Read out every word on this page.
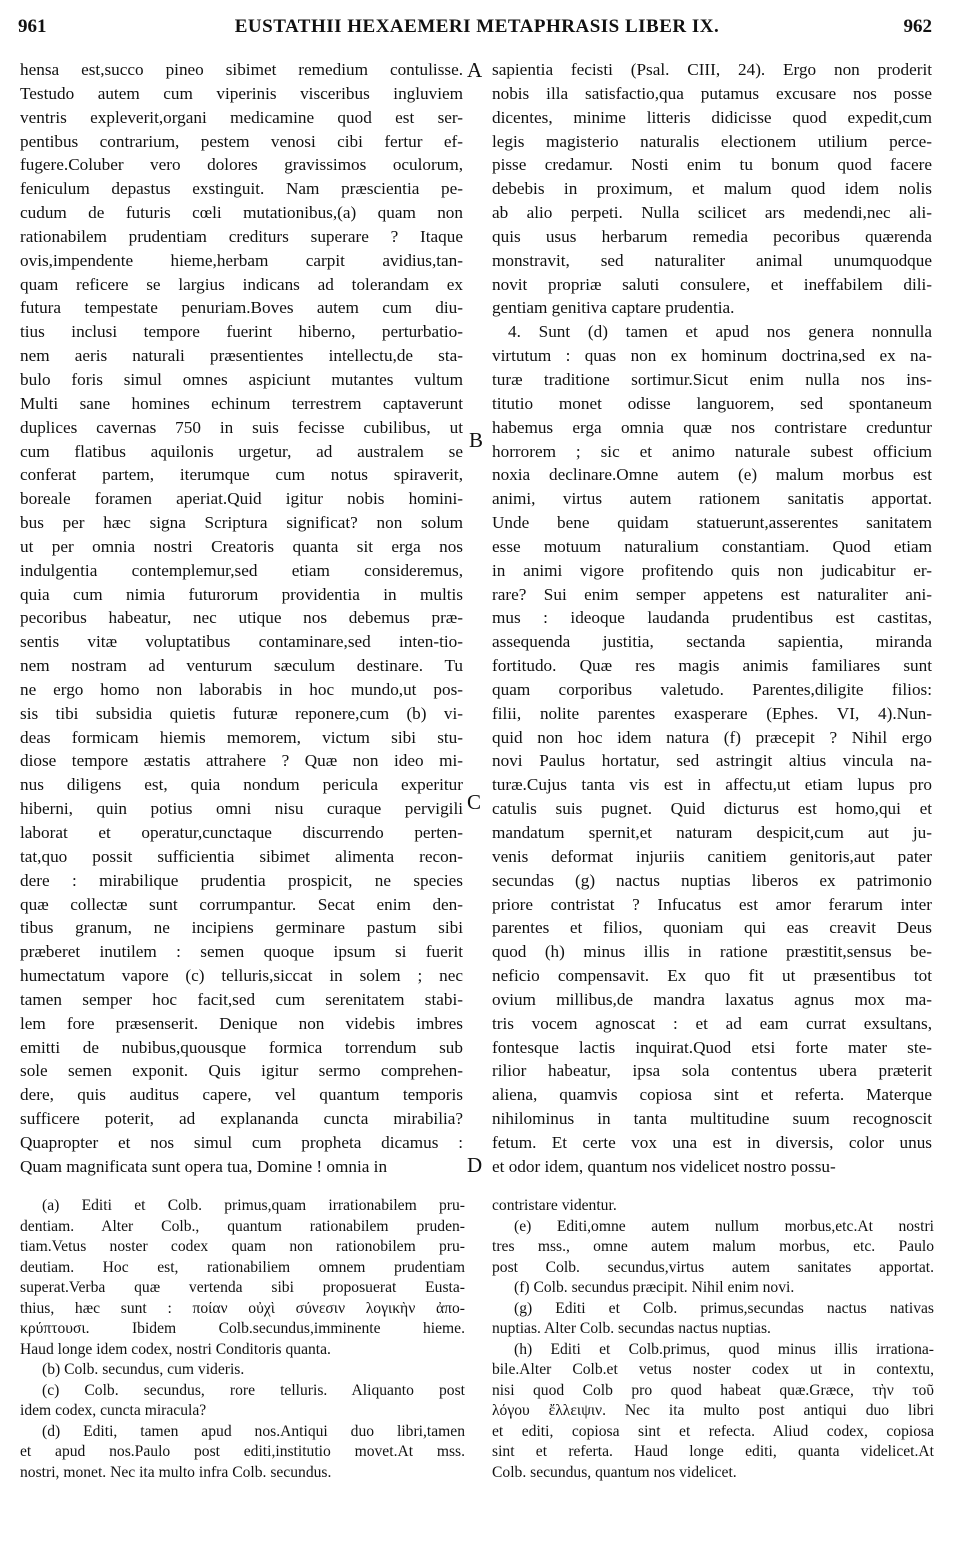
961	EUSTATHII HEXAEMERI METAPHRASIS LIBER IX.	962
hensa est,succo pineo sibimet remedium contulisse.
Testudo autem cum viperinis visceribus ingluviem
ventris expleverit,organi medicamine quod est ser-
pentibus contrarium, pestem venosi cibi fertur ef-
fugere.Coluber vero dolores gravissimos oculorum,
feniculum depastus exstinguit. Nam præscientia pe-
cudum de futuris cœli mutationibus,(a) quam non
rationabilem prudentiam crediturs superare ? Itaque
ovis,impendente hieme,herbam carpit avidius,tan-
quam reficere se largius indicans ad tolerandam ex
futura tempestate penuriam.Boves autem cum diu-
tius inclusi tempore fuerint hiberno, perturbatio-
nem aeris naturali præsentientes intellectu,de sta-
bulo foris simul omnes aspiciunt mutantes vultum
Multi sane homines echinum terrestrem captaverunt
duplices cavernas 750 in suis fecisse cubilibus, ut
cum flatibus aquilonis urgetur, ad australem se
conferat partem, iterumque cum notus spiraverit,
boreale foramen aperiat.Quid igitur nobis homini-
bus per hæc signa Scriptura significat? non solum
ut per omnia nostri Creatoris quanta sit erga nos
indulgentia contemplemur,sed etiam consideremus,
quia cum nimia futurorum providentia in multis
pecoribus habeatur, nec utique nos debemus præ-
sentis vitæ voluptatibus contaminare,sed inten-tio-
nem nostram ad venturum sæculum destinare. Tu
ne ergo homo non laborabis in hoc mundo,ut pos-
sis tibi subsidia quietis futuræ reponere,cum (b) vi-
deas formicam hiemis memorem, victum sibi stu-
diose tempore æstatis attrahere ? Quæ non ideo mi-
nus diligens est, quia nondum pericula experitur
hiberni, quin potius omni nisu curaque pervigili
laborat et operatur,cunctaque discurrendo perten-
tat,quo possit sufficientia sibimet alimenta recon-
dere : mirabilique prudentia prospicit, ne species
quæ collectæ sunt corrumpantur. Secat enim den-
tibus granum, ne incipiens germinare pastum sibi
præberet inutilem : semen quoque ipsum si fuerit
humectatum vapore (c) telluris,siccat in solem ; nec
tamen semper hoc facit,sed cum serenitatem stabi-
lem fore præsenserit. Denique non videbis imbres
emitti de nubibus,quousque formica torrendum sub
sole semen exponit. Quis igitur sermo comprehen-
dere, quis auditus capere, vel quantum temporis
sufficere poterit, ad explananda cuncta mirabilia?
Quapropter et nos simul cum propheta dicamus :
Quam magnificata sunt opera tua, Domine ! omnia in
sapientia fecisti (Psal. CIII, 24). Ergo non proderit
nobis illa satisfactio,qua putamus excusare nos posse
dicentes, minime litteris didicisse quod expedit,cum
legis magisterio naturalis electionem utilium perce-
pisse credamur. Nosti enim tu bonum quod facere
debebis in proximum, et malum quod idem nolis
ab alio perpeti. Nulla scilicet ars medendi,nec ali-
quis usus herbarum remedia pecoribus quærenda
monstravit, sed naturaliter animal unumquodque
novit propriæ saluti consulere, et ineffabilem dili-
gentiam genitiva captare prudentia.
4. Sunt (d) tamen et apud nos genera nonnulla
virtutum : quas non ex hominum doctrina,sed ex na-
turæ traditione sortimur.Sicut enim nulla nos ins-
titutio monet odisse languorem, sed spontaneum
habemus erga omnia quæ nos contristare creduntur
horrorem ; sic et animo naturale subest officium
noxia declinare.Omne autem (e) malum morbus est
animi, virtus autem rationem sanitatis apportat.
Unde bene quidam statuerunt,asserentes sanitatem
esse motuum naturalium constantiam. Quod etiam
in animi vigore profitendo quis non judicabitur er-
rare? Sui enim semper appetens est naturaliter ani-
mus : ideoque laudanda prudentibus est castitas,
assequenda justitia, sectanda sapientia, miranda
fortitudo. Quæ res magis animis familiares sunt
quam corporibus valetudo. Parentes,diligite filios:
filii, nolite parentes exasperare (Ephes. VI, 4).Nun-
quid non hoc idem natura (f) præcepit ? Nihil ergo
novi Paulus hortatur, sed astringit altius vincula na-
turæ.Cujus tanta vis est in affectu,ut etiam lupus pro
catulis suis pugnet. Quid dicturus est homo,qui et
mandatum spernit,et naturam despicit,cum aut ju-
venis deformat injuriis canitiem genitoris,aut pater
secundas (g) nactus nuptias liberos ex patrimonio
priore contristat ? Infucatus est amor ferarum inter
parentes et filios, quoniam qui eas creavit Deus
quod (h) minus illis in ratione præstitit,sensus be-
neficio compensavit. Ex quo fit ut præsentibus tot
ovium millibus,de mandra laxatus agnus mox ma-
tris vocem agnoscat : et ad eam currat exsultans,
fontesque lactis inquirat.Quod etsi forte mater ste-
rilior habeatur, ipsa sola contentus ubera præterit
aliena, quamvis copiosa sint et referta. Materque
nihilominus in tanta multitudine suum recognoscit
fetum. Et certe vox una est in diversis, color unus
et odor idem, quantum nos videlicet nostro possu-
A
B
C
D
(a) Editi et Colb. primus,quam irrationabilem pru-
dentiam. Alter Colb., quantum rationabilem pruden-
tiam.Vetus noster codex quam non rationobilem pru-
deutiam. Hoc est, rationabiliem omnem prudentiam
superat.Verba quæ vertenda sibi proposuerat Eusta-
thius, hæc sunt : ποίαν οὐχὶ σύνεσιν λογικὴν ἀπο-
κρύπτουσι. Ibidem Colb.secundus,imminente hieme.
Haud longe idem codex, nostri Conditoris quanta.
(b) Colb. secundus, cum videris.
(c) Colb. secundus, rore telluris. Aliquanto post
idem codex, cuncta miracula?
(d) Editi, tamen apud nos.Antiqui duo libri,tamen
et apud nos.Paulo post editi,institutio movet.At mss.
nostri, monet. Nec ita multo infra Colb. secundus.
contristare videntur.
(e) Editi,omne autem nullum morbus,etc.At nostri
tres mss., omne autem malum morbus, etc. Paulo
post Colb. secundus,virtus autem sanitates apportat.
(f) Colb. secundus præcipit. Nihil enim novi.
(g) Editi et Colb. primus,secundas nactus nativas
nuptias. Alter Colb. secundas nactus nuptias.
(h) Editi et Colb.primus, quod minus illis irrationa-
bile.Alter Colb.et vetus noster codex ut in contextu,
nisi quod Colb pro quod habeat quæ.Græce, τὴν τοῦ
λόγου ἔλλειψιν. Nec ita multo post antiqui duo libri
et editi, copiosa sint et refecta. Aliud codex, copiosa
sint et referta. Haud longe editi, quanta videlicet.At
Colb. secundus, quantum nos videlicet.
